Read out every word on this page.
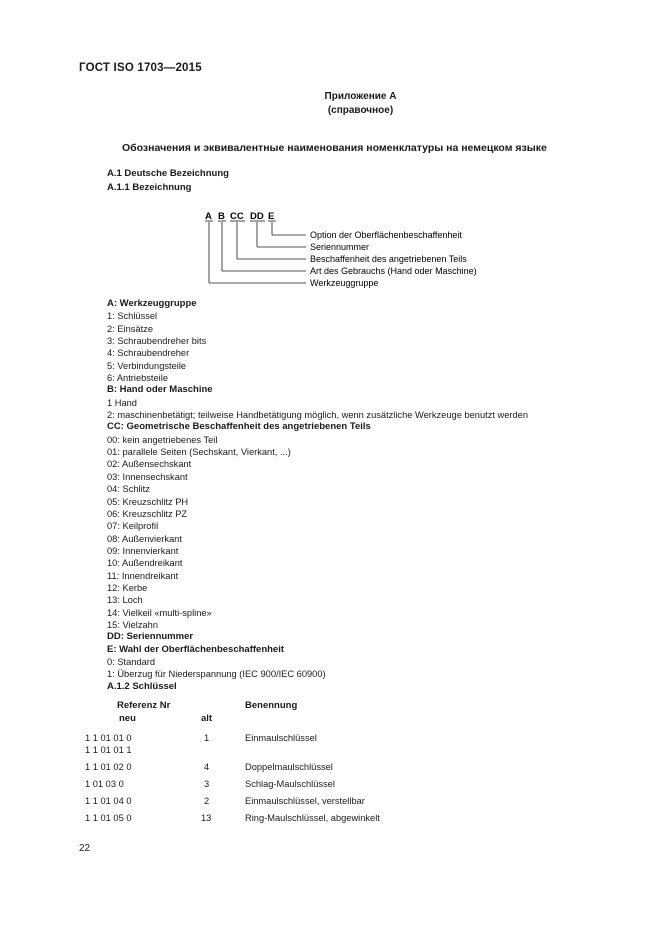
ГОСТ ISO 1703—2015
Приложение А
(справочное)
Обозначения и эквивалентные наименования номенклатуры на немецком языке
А.1 Deutsche Bezeichnung
А.1.1 Bezeichnung
A B CC DD E
Option der Oberflächenbeschaffenheit
Seriennummer
Beschaffenheit des angetriebenen Teils
Art des Gebrauchs (Hand oder Maschine)
Werkzeuggruppe
A: Werkzeuggruppe
1: Schlüssel
2: Einsätze
3: Schraubendreher bits
4: Schraubendreher
5: Verbindungsteile
6: Antriebsteile
B: Hand oder Maschine
1 Hand
2: maschinenbetätigt; teilweise Handbetätigung möglich, wenn zusätzliche Werkzeuge benutzt werden
CC: Geometrische Beschaffenheit des angetriebenen Teils
00: kein angetriebenes Teil
01: parallele Seiten (Sechskant, Vierkant, ...)
02: Außensechskant
03: Innensechskant
04: Schlitz
05: Kreuzschlitz PH
06: Kreuzschlitz PZ
07: Keilprofil
08: Außenvierkant
09: Innenvierkant
10: Außendreikant
11: Innendreikant
12: Kerbe
13: Loch
14: Vielkeil «multi-spline»
15: Vielzahn
DD: Seriennummer
E: Wahl der Oberflächenbeschaffenheit
0: Standard
1: Überzug für Niederspannung (IEC 900/IEC 60900)
А.1.2 Schlüssel
Referenz Nr	Benennung
neu	alt
1 1 01 01 0	1	Einmaulschlüssel
1 1 01 01 1
1 1 01 02 0	4	Doppelmaulschlüssel
1 01 03 0	3	Schlag-Maulschlüssel
1 1 01 04 0	2	Einmaulschlüssel, verstellbar
1 1 01 05 0	13	Ring-Maulschlüssel, abgewinkelt
22
